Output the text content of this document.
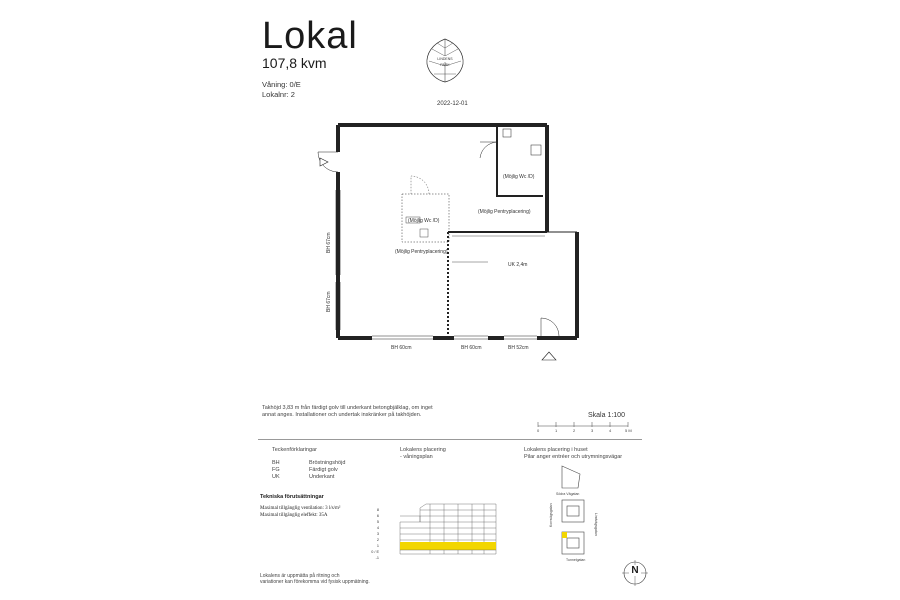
Lokal
107,8 kvm
Våning: 0/E
Lokalnr: 2
LINDENS PARK
2022-12-01
(Möjlig Wc /D)
(Möjlig Pentryplacering)
(Möjlig Wc /D)
(Möjlig Pentryplacering)
UK 2,4m
BH 60cm	BH 60cm	BH 52cm
BH 67cm
BH 67cm
Takhöjd 3,83 m från färdigt golv till underkant betongbjälklag, om inget
annat anges. Installationer och undertak inskränker på takhöjden.	Skala 1:100
0	1	2	3	4	5 M
Teckenförklaringar
BH	Bröstningshöjd
FG	Färdigt golv
UK	Underkant
Tekniska förutsättningar
Maximal tillgänglig ventilation: 3 l/s/m²
Maximal tillgänglig eleffekt: 35A
Lokalens placering
- våningsplan
8
6
5
4
3
2
1
0 / E
-1
Lokalens placering i huset
Pilar anger entréer och utrymningsvägar
Södra Vägatan
Kornvägsgatan	Lindvägsgatan
Tunnelgatan
Lokalens är uppmätta på ritning och
variationer kan förekomma vid fysisk uppmätning.
N
